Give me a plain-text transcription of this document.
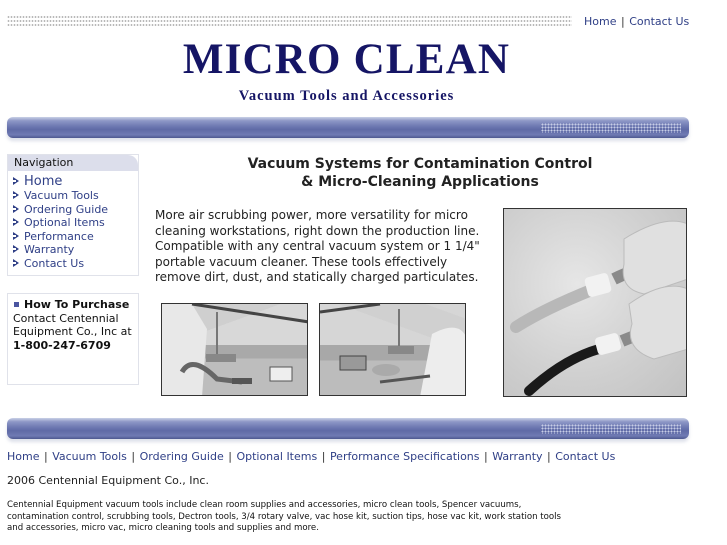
Home | Contact Us
MICRO CLEAN
Vacuum Tools and Accessories
Navigation
Home
Vacuum Tools
Ordering Guide
Optional Items
Performance
Warranty
Contact Us
How To Purchase
Contact Centennial Equipment Co., Inc at
1-800-247-6709
Vacuum Systems for Contamination Control
& Micro-Cleaning Applications

More air scrubbing power, more versatility for micro cleaning workstations, right down the production line. Compatible with any central vacuum system or 1 1/4" portable vacuum cleaner. These tools effectively remove dirt, dust, and statically charged particulates.

Home | Vacuum Tools | Ordering Guide | Optional Items | Performance Specifications | Warranty | Contact Us
2006 Centennial Equipment Co., Inc.

Centennial Equipment vacuum tools include clean room supplies and accessories, micro clean tools, Spencer vacuums, contamination control, scrubbing tools, Dectron tools, 3/4 rotary valve, vac hose kit, suction tips, hose vac kit, work station tools and accessories, micro vac, micro cleaning tools and supplies and more.
